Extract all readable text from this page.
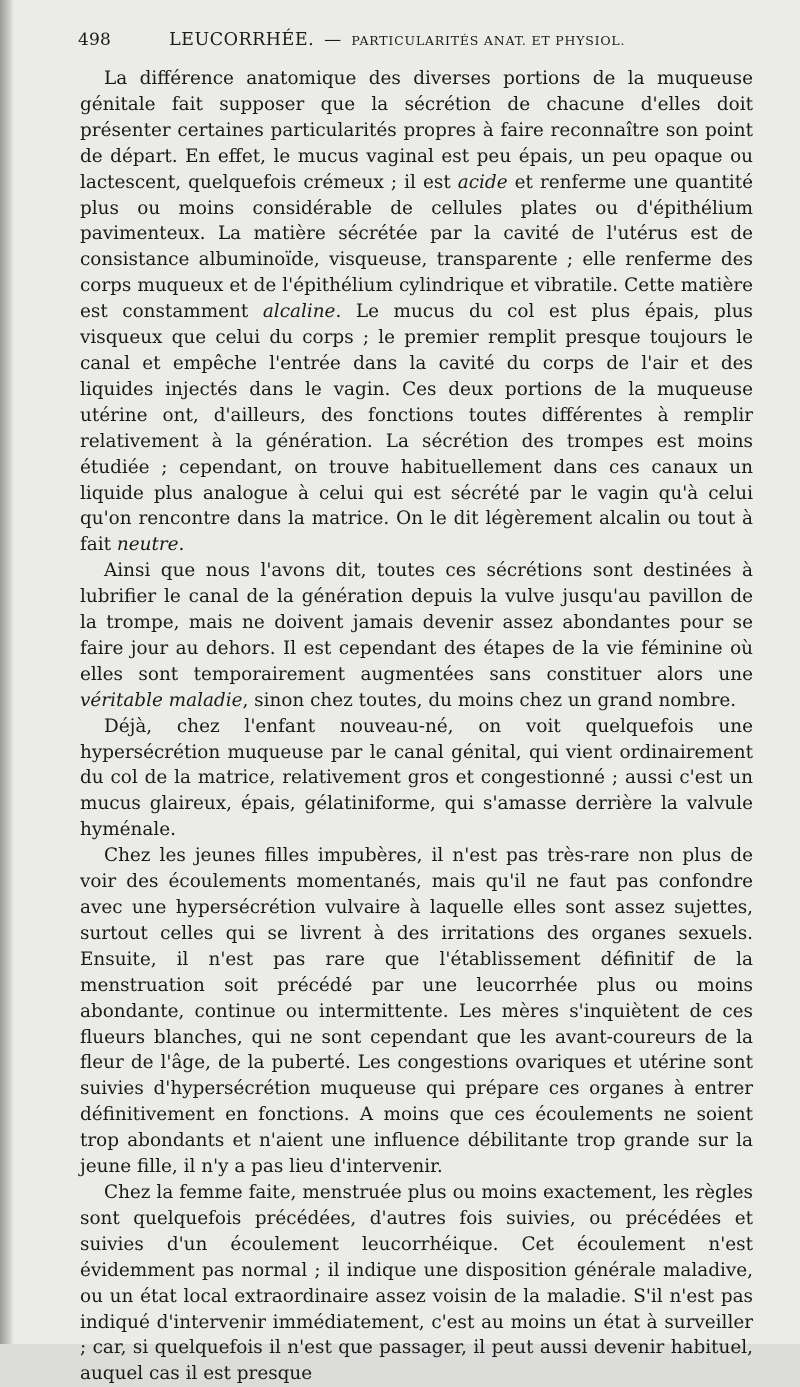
498	LEUCORRHÉE. — PARTICULARITÉS ANAT. ET PHYSIOL.

La différence anatomique des diverses portions de la muqueuse génitale fait supposer que la sécrétion de chacune d'elles doit présenter certaines particularités propres à faire reconnaître son point de départ. En effet, le mucus vaginal est peu épais, un peu opaque ou lactescent, quelquefois crémeux ; il est acide et renferme une quantité plus ou moins considérable de cellules plates ou d'épithélium pavimenteux. La matière sécrétée par la cavité de l'utérus est de consistance albuminoïde, visqueuse, transparente ; elle renferme des corps muqueux et de l'épithélium cylindrique et vibratile. Cette matière est constamment alcaline. Le mucus du col est plus épais, plus visqueux que celui du corps ; le premier remplit presque toujours le canal et empêche l'entrée dans la cavité du corps de l'air et des liquides injectés dans le vagin. Ces deux portions de la muqueuse utérine ont, d'ailleurs, des fonctions toutes différentes à remplir relativement à la génération. La sécrétion des trompes est moins étudiée ; cependant, on trouve habituellement dans ces canaux un liquide plus analogue à celui qui est sécrété par le vagin qu'à celui qu'on rencontre dans la matrice. On le dit légèrement alcalin ou tout à fait neutre.

Ainsi que nous l'avons dit, toutes ces sécrétions sont destinées à lubrifier le canal de la génération depuis la vulve jusqu'au pavillon de la trompe, mais ne doivent jamais devenir assez abondantes pour se faire jour au dehors. Il est cependant des étapes de la vie féminine où elles sont temporairement augmentées sans constituer alors une véritable maladie, sinon chez toutes, du moins chez un grand nombre.

Déjà, chez l'enfant nouveau-né, on voit quelquefois une hypersécrétion muqueuse par le canal génital, qui vient ordinairement du col de la matrice, relativement gros et congestionné ; aussi c'est un mucus glaireux, épais, gélatiniforme, qui s'amasse derrière la valvule hyménale.

Chez les jeunes filles impubères, il n'est pas très-rare non plus de voir des écoulements momentanés, mais qu'il ne faut pas confondre avec une hypersécrétion vulvaire à laquelle elles sont assez sujettes, surtout celles qui se livrent à des irritations des organes sexuels. Ensuite, il n'est pas rare que l'établissement définitif de la menstruation soit précédé par une leucorrhée plus ou moins abondante, continue ou intermittente. Les mères s'inquiètent de ces flueurs blanches, qui ne sont cependant que les avant-coureurs de la fleur de l'âge, de la puberté. Les congestions ovariques et utérine sont suivies d'hypersécrétion muqueuse qui prépare ces organes à entrer définitivement en fonctions. A moins que ces écoulements ne soient trop abondants et n'aient une influence débilitante trop grande sur la jeune fille, il n'y a pas lieu d'intervenir.

Chez la femme faite, menstruée plus ou moins exactement, les règles sont quelquefois précédées, d'autres fois suivies, ou précédées et suivies d'un écoulement leucorrhéique. Cet écoulement n'est évidemment pas normal ; il indique une disposition générale maladive, ou un état local extraordinaire assez voisin de la maladie. S'il n'est pas indiqué d'intervenir immédiatement, c'est au moins un état à surveiller ; car, si quelquefois il n'est que passager, il peut aussi devenir habituel, auquel cas il est presque
